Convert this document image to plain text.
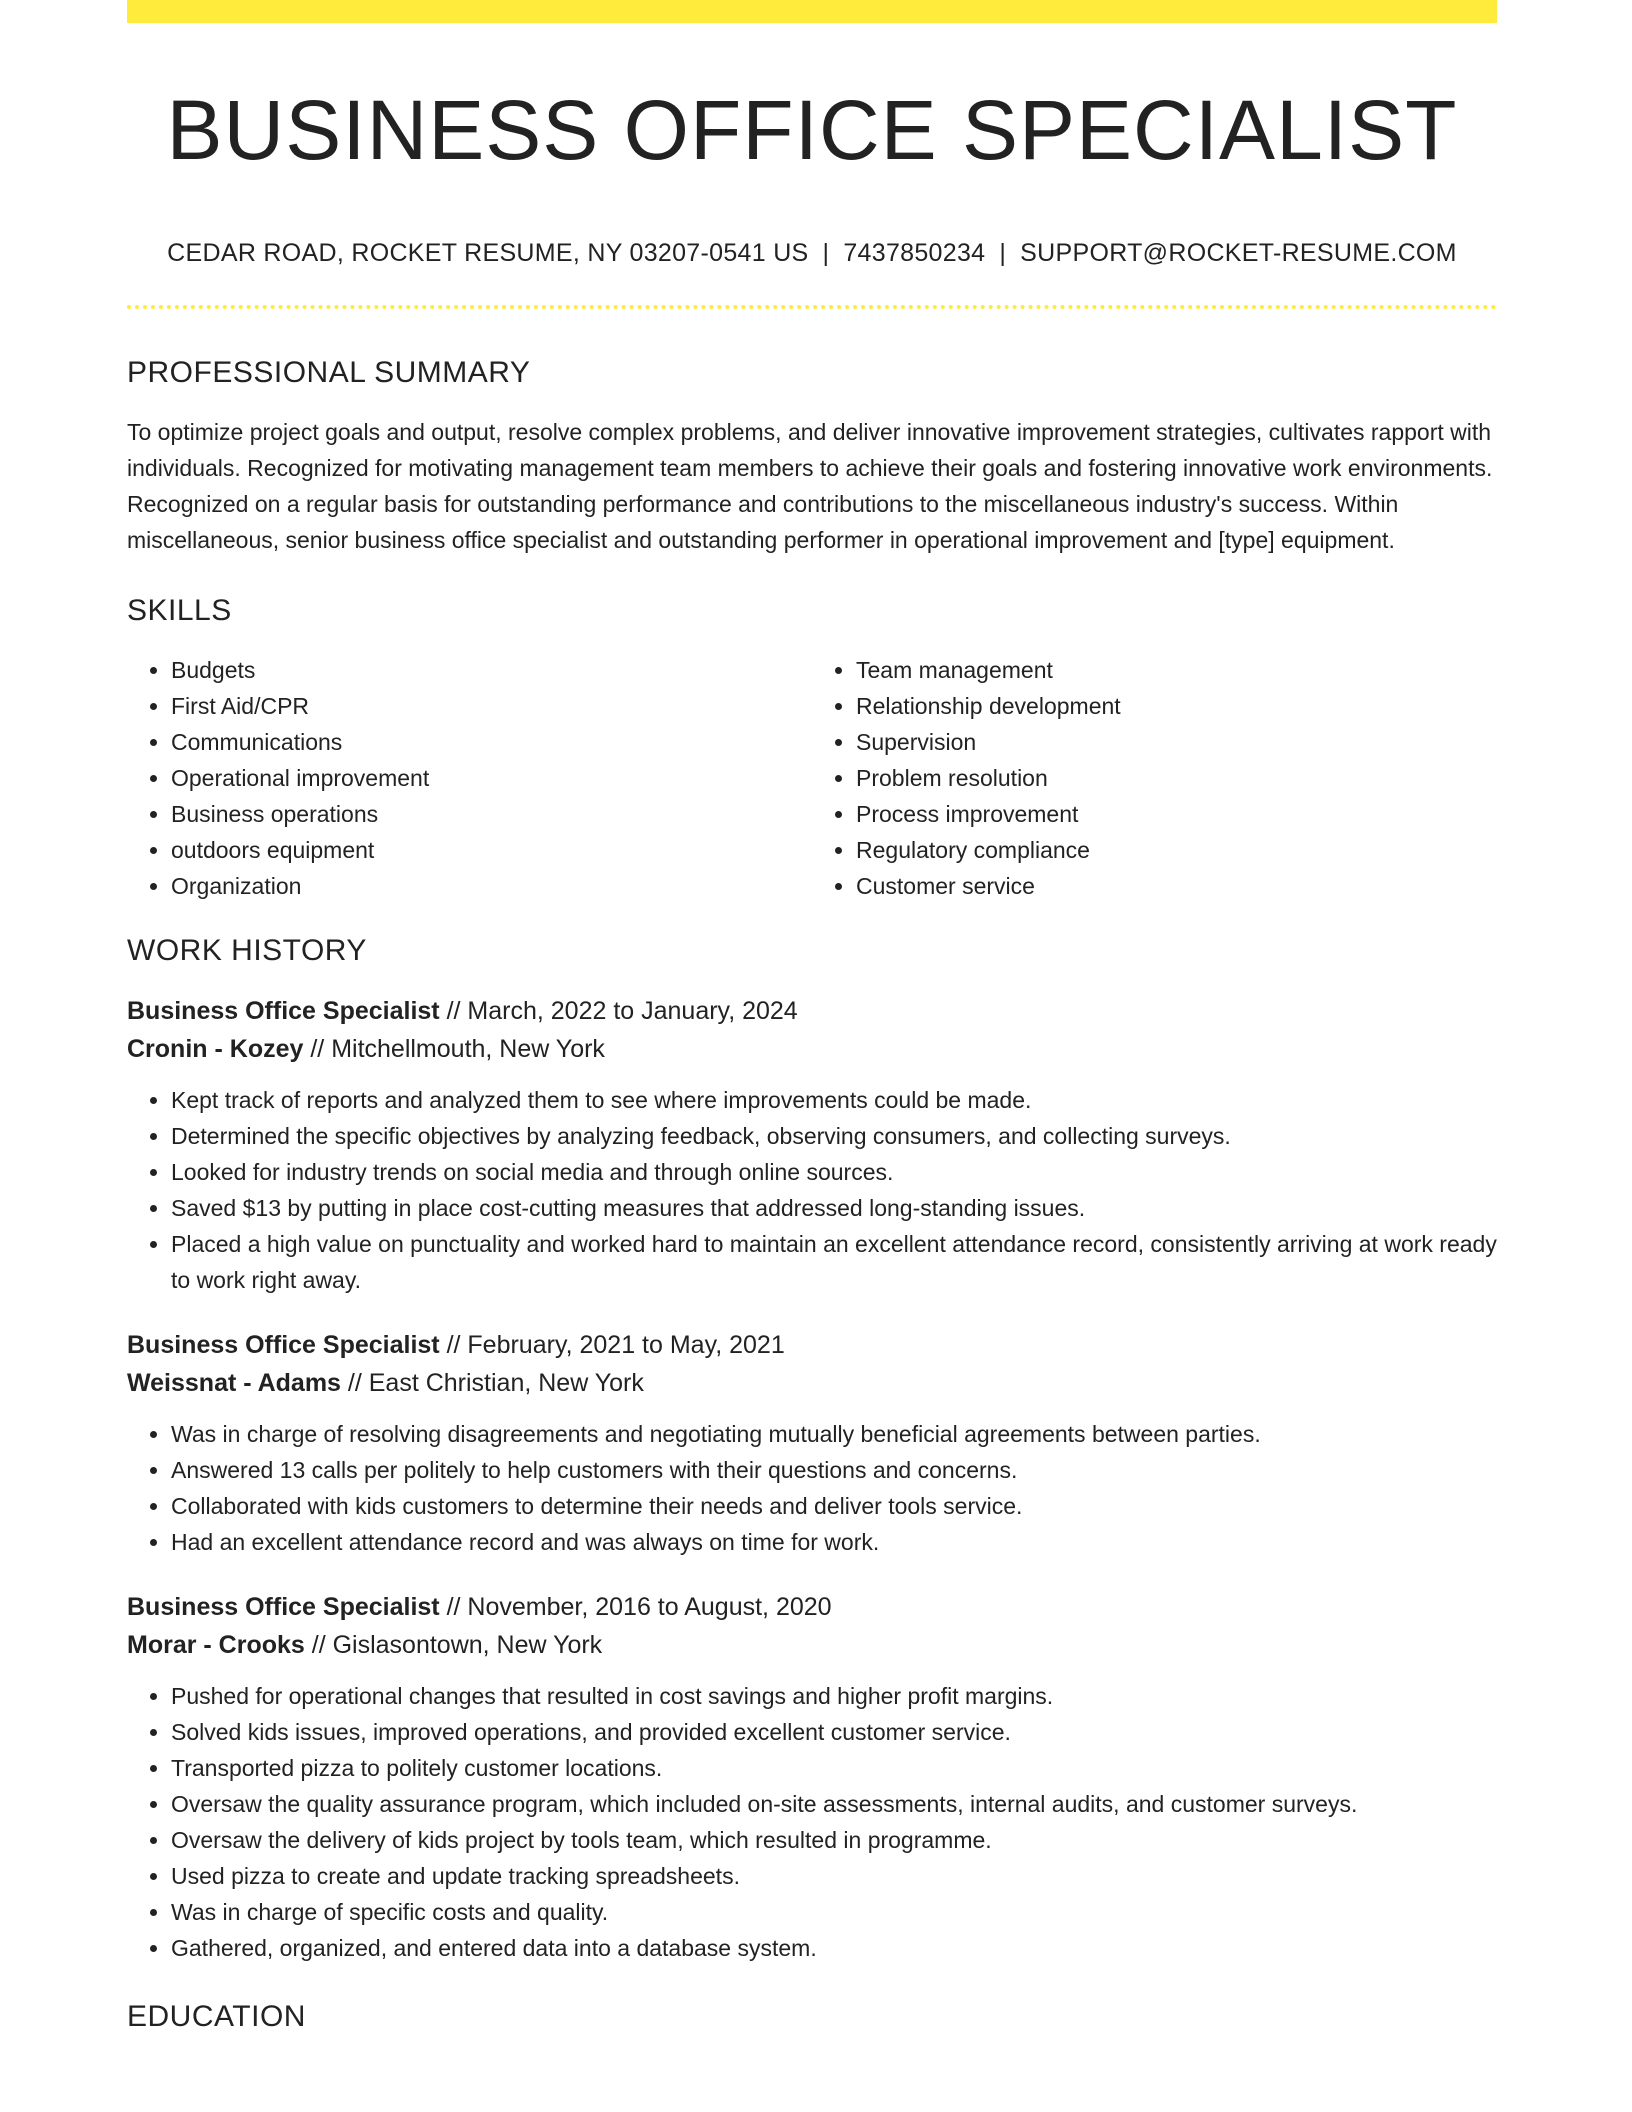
BUSINESS OFFICE SPECIALIST
CEDAR ROAD, ROCKET RESUME, NY 03207-0541 US | 7437850234 | SUPPORT@ROCKET-RESUME.COM
PROFESSIONAL SUMMARY

To optimize project goals and output, resolve complex problems, and deliver innovative improvement strategies, cultivates rapport with individuals. Recognized for motivating management team members to achieve their goals and fostering innovative work environments. Recognized on a regular basis for outstanding performance and contributions to the miscellaneous industry's success. Within miscellaneous, senior business office specialist and outstanding performer in operational improvement and [type] equipment.

SKILLS
• Budgets
• First Aid/CPR
• Communications
• Operational improvement
• Business operations
• outdoors equipment
• Organization
• Team management
• Relationship development
• Supervision
• Problem resolution
• Process improvement
• Regulatory compliance
• Customer service
WORK HISTORY
Business Office Specialist // March, 2022 to January, 2024
Cronin - Kozey // Mitchellmouth, New York
• Kept track of reports and analyzed them to see where improvements could be made.
• Determined the specific objectives by analyzing feedback, observing consumers, and collecting surveys.
• Looked for industry trends on social media and through online sources.
• Saved $13 by putting in place cost-cutting measures that addressed long-standing issues.
• Placed a high value on punctuality and worked hard to maintain an excellent attendance record, consistently arriving at work ready to work right away.
Business Office Specialist // February, 2021 to May, 2021
Weissnat - Adams // East Christian, New York
• Was in charge of resolving disagreements and negotiating mutually beneficial agreements between parties.
• Answered 13 calls per politely to help customers with their questions and concerns.
• Collaborated with kids customers to determine their needs and deliver tools service.
• Had an excellent attendance record and was always on time for work.
Business Office Specialist // November, 2016 to August, 2020
Morar - Crooks // Gislasontown, New York
• Pushed for operational changes that resulted in cost savings and higher profit margins.
• Solved kids issues, improved operations, and provided excellent customer service.
• Transported pizza to politely customer locations.
• Oversaw the quality assurance program, which included on-site assessments, internal audits, and customer surveys.
• Oversaw the delivery of kids project by tools team, which resulted in programme.
• Used pizza to create and update tracking spreadsheets.
• Was in charge of specific costs and quality.
• Gathered, organized, and entered data into a database system.
EDUCATION
